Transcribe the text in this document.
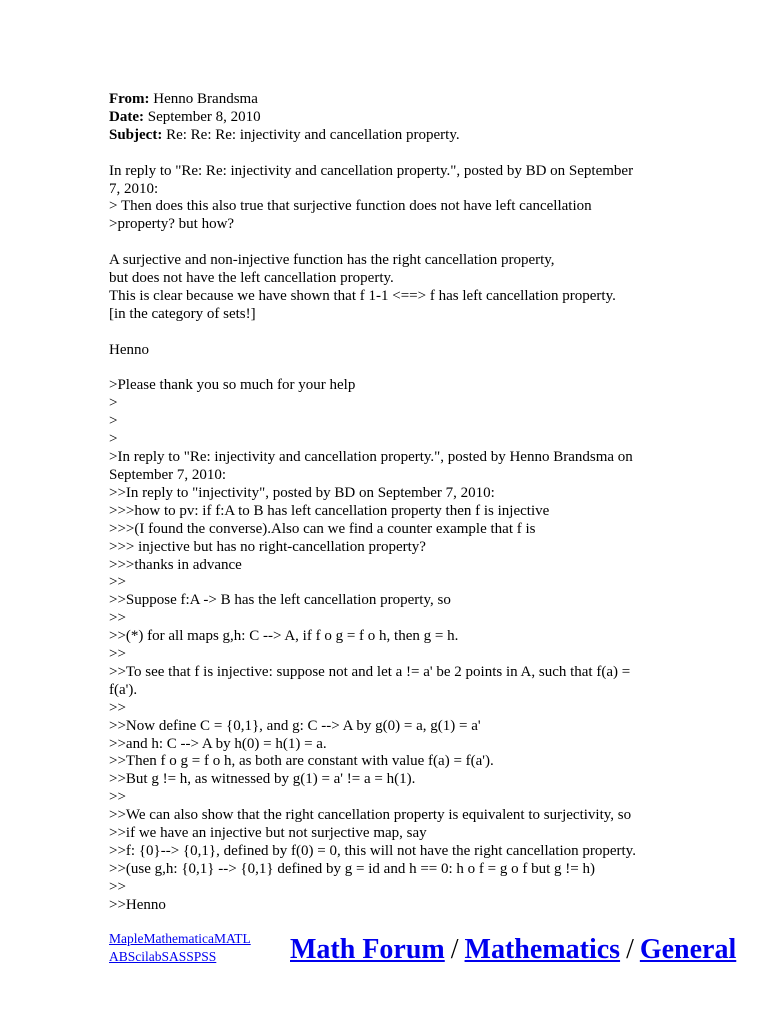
From: Henno Brandsma
Date: September 8, 2010
Subject: Re: Re: Re: injectivity and cancellation property.
In reply to "Re: Re: injectivity and cancellation property.", posted by BD on September
7, 2010:
> Then does this also true that surjective function does not have left cancellation
>property? but how?
A surjective and non-injective function has the right cancellation property,
but does not have the left cancellation property.
This is clear because we have shown that f 1-1 <==> f has left cancellation property.
[in the category of sets!]
Henno
>Please thank you so much for your help
>
>
>
>In reply to "Re: injectivity and cancellation property.", posted by Henno Brandsma on
September 7, 2010:
>>In reply to "injectivity", posted by BD on September 7, 2010:
>>>how to pv: if f:A to B has left cancellation property then f is injective
>>>(I found the converse).Also can we find a counter example that f is
>>> injective but has no right-cancellation property?
>>>thanks in advance
>>
>>Suppose f:A -> B has the left cancellation property, so
>>
>>(*) for all maps g,h: C --> A, if f o g = f o h, then g = h.
>>
>>To see that f is injective: suppose not and let a != a' be 2 points in A, such that f(a) =
f(a').
>>
>>Now define C = {0,1}, and g: C --> A by g(0) = a, g(1) = a'
>>and h: C --> A by h(0) = h(1) = a.
>>Then f o g = f o h, as both are constant with value f(a) = f(a').
>>But g != h, as witnessed by g(1) = a' != a = h(1).
>>
>>We can also show that the right cancellation property is equivalent to surjectivity, so
>>if we have an injective but not surjective map, say
>>f: {0}--> {0,1}, defined by f(0) = 0, this will not have the right cancellation property.
>>(use g,h: {0,1} --> {0,1} defined by g = id and h == 0: h o f = g o f but g != h)
>>
>>Henno
MapleMathematicaMATL
ABScilabSASSPSS	Math Forum / Mathematics / General
